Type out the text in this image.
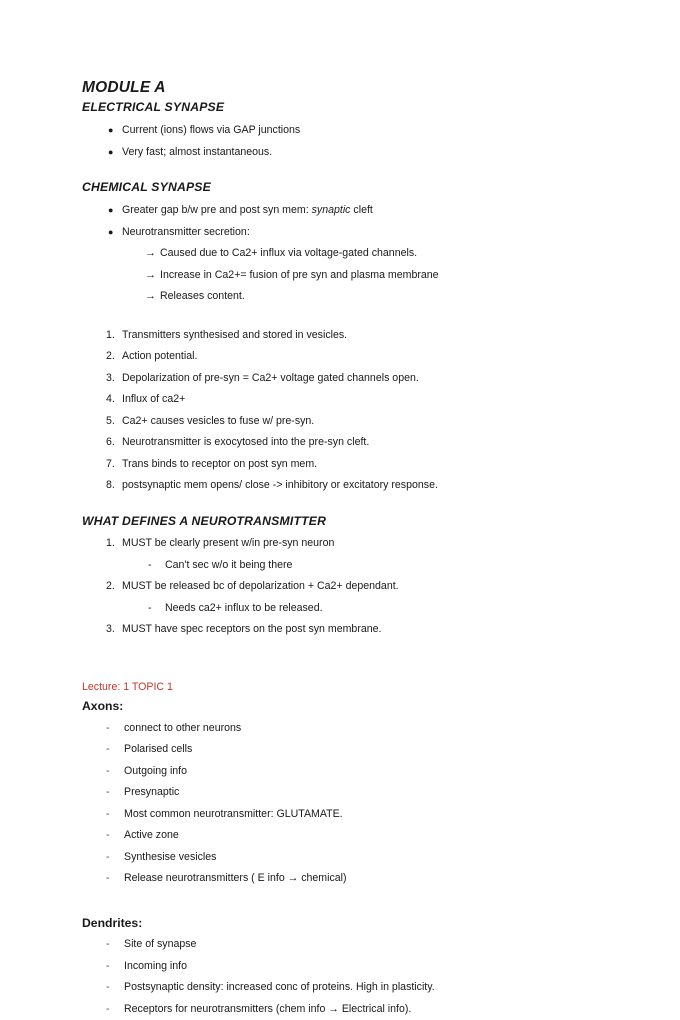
MODULE A
ELECTRICAL SYNAPSE
● Current (ions) flows via GAP junctions
● Very fast; almost instantaneous.
CHEMICAL SYNAPSE
● Greater gap b/w pre and post syn mem: synaptic cleft
● Neurotransmitter secretion:
→ Caused due to Ca2+ influx via voltage-gated channels.
→ Increase in Ca2+= fusion of pre syn and plasma membrane
→ Releases content.
1. Transmitters synthesised and stored in vesicles.
2. Action potential.
3. Depolarization of pre-syn = Ca2+ voltage gated channels open.
4. Influx of ca2+
5. Ca2+ causes vesicles to fuse w/ pre-syn.
6. Neurotransmitter is exocytosed into the pre-syn cleft.
7. Trans binds to receptor on post syn mem.
8. postsynaptic mem opens/ close -> inhibitory or excitatory response.
WHAT DEFINES A NEUROTRANSMITTER
1. MUST be clearly present w/in pre-syn neuron
-	Can't sec w/o it being there
2. MUST be released bc of depolarization + Ca2+ dependant.
-	Needs ca2+ influx to be released.
3. MUST have spec receptors on the post syn membrane.
Lecture: 1 TOPIC 1
Axons:
-	connect to other neurons
-	Polarised cells
-	Outgoing info
-	Presynaptic
-	Most common neurotransmitter: GLUTAMATE.
-	Active zone
-	Synthesise vesicles
-	Release neurotransmitters ( E info → chemical)
Dendrites:
-	Site of synapse
-	Incoming info
-	Postsynaptic density: increased conc of proteins. High in plasticity.
-	Receptors for neurotransmitters (chem info → Electrical info).
